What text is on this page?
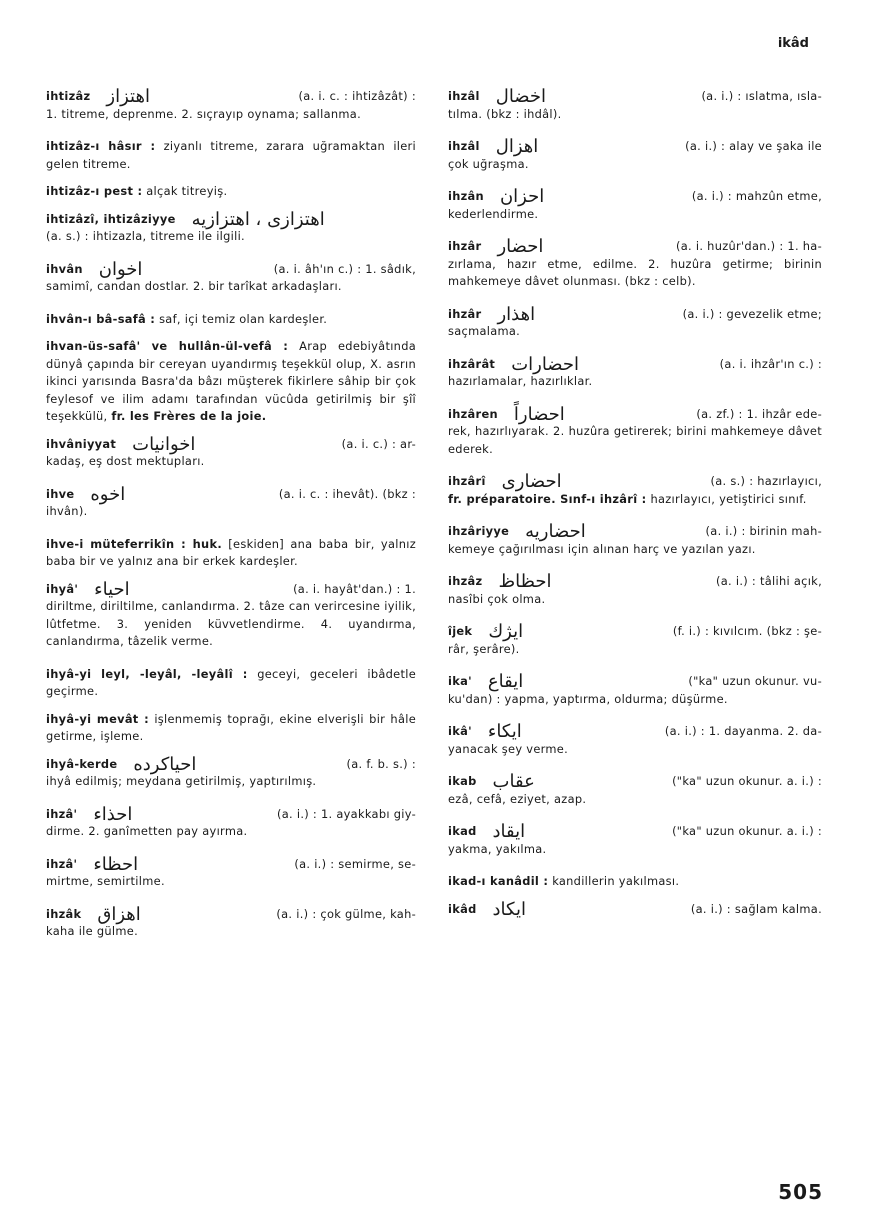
ikâd
ihtizâz اهتزاز	(a. i. c. : ihtizâzât) :
1. titreme, deprenme. 2. sıçrayıp oynama; sallanma.
ihtizâz-ı hâsır : ziyanlı titreme, zarara uğramaktan ileri gelen titreme.
ihtizâz-ı pest : alçak titreyiş.
ihtizâzî, ihtizâziyye اهتزازى ، اهتزازيه
(a. s.) : ihtizazla, titreme ile ilgili.
ihvân اخوان	(a. i. âh'ın c.) : 1. sâdık,
samimî, candan dostlar. 2. bir tarîkat arkadaşları.
ihvân-ı bâ-safâ : saf, içi temiz olan kardeşler.
ihvan-üs-safâ' ve hullân-ül-vefâ : Arap edebiyâtında dünyâ çapında bir cereyan uyandırmış teşekkül olup, X. asrın ikinci yarısında Basra'da bâzı müşterek fikirlere sâhip bir çok feylesof ve ilim adamı tarafından vücûda getirilmiş bir şîî teşekkülü, fr. les Frères de la joie.
ihvâniyyat اخوانيات	(a. i. c.) : ar-
kadaş, eş dost mektupları.
ihve اخوه	(a. i. c. : ihevât). (bkz :
ihvân).
ihve-i müteferrikîn : huk. [eskiden] ana baba bir, yalnız baba bir ve yalnız ana bir erkek kardeşler.
ihyâ' احياء	(a. i. hayât'dan.) : 1.
diriltme, diriltilme, canlandırma. 2. tâze can verircesine iyilik, lûtfetme. 3. yeniden küvvetlendirme. 4. uyandırma, canlandırma, tâzelik verme.
ihyâ-yi leyl, -leyâl, -leyâlî : geceyi, geceleri ibâdetle geçirme.
ihyâ-yi mevât : işlenmemiş toprağı, ekine elverişli bir hâle getirme, işleme.
ihyâ-kerde احياكرده	(a. f. b. s.) :
ihyâ edilmiş; meydana getirilmiş, yaptırılmış.
ihzâ' احذاء	(a. i.) : 1. ayakkabı giy-
dirme. 2. ganîmetten pay ayırma.
ihzâ' احظاء	(a. i.) : semirme, se-
mirtme, semirtilme.
ihzâk اهزاق	(a. i.) : çok gülme, kah-
kaha ile gülme.
ihzâl اخضال	(a. i.) : ıslatma, ısla-
tılma. (bkz : ihdâl).
ihzâl اهزال	(a. i.) : alay ve şaka ile
çok uğraşma.
ihzân احزان	(a. i.) : mahzûn etme,
kederlendirme.
ihzâr احضار	(a. i. huzûr'dan.) : 1. ha-
zırlama, hazır etme, edilme. 2. huzûra getirme; birinin mahkemeye dâvet olunması. (bkz : celb).
ihzâr اهذار	(a. i.) : gevezelik etme;
saçmalama.
ihzârât احضارات	(a. i. ihzâr'ın c.) :
hazırlamalar, hazırlıklar.
ihzâren احضاراً	(a. zf.) : 1. ihzâr ede-
rek, hazırlıyarak. 2. huzûra getirerek; birini mahkemeye dâvet ederek.
ihzârî احضارى	(a. s.) : hazırlayıcı,
fr. préparatoire. Sınf-ı ihzârî : hazırlayıcı, yetiştirici sınıf.
ihzâriyye احضاريه	(a. i.) : birinin mah-
kemeye çağırılması için alınan harç ve yazılan yazı.
ihzâz احظاظ	(a. i.) : tâlihi açık,
nasîbi çok olma.
îjek ايژك	(f. i.) : kıvılcım. (bkz : şe-
râr, şerâre).
ika' ايقاع	("ka" uzun okunur. vu-
ku'dan) : yapma, yaptırma, oldurma; düşürme.
ikâ' ايكاء	(a. i.) : 1. dayanma. 2. da-
yanacak şey verme.
ikab عقاب	("ka" uzun okunur. a. i.) :
ezâ, cefâ, eziyet, azap.
ikad ايقاد	("ka" uzun okunur. a. i.) :
yakma, yakılma.
ikad-ı kanâdil : kandillerin yakılması.
ikâd ايكاد	(a. i.) : sağlam kalma.
505
